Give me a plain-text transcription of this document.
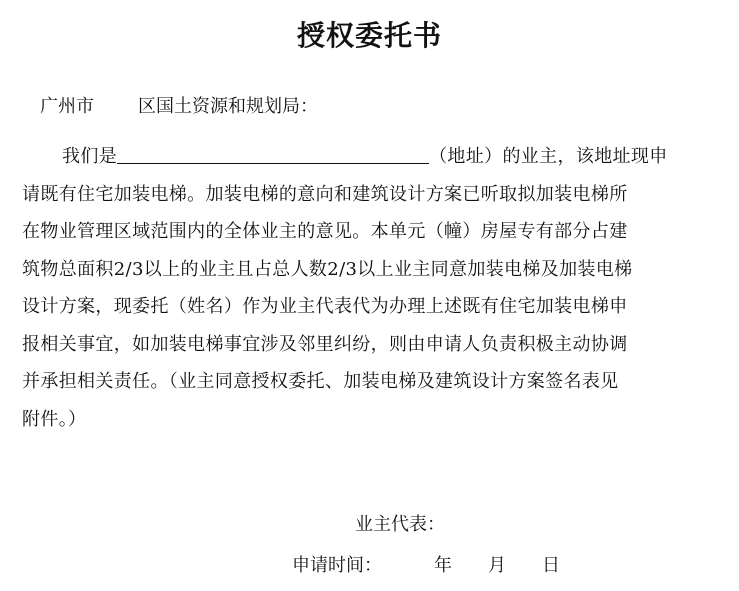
授权委托书
广州市 区国土资源和规划局：
我们是	（地址）的业主，该地址现申
请既有住宅加装电梯。加装电梯的意向和建筑设计方案已听取拟加装电梯所
在物业管理区域范围内的全体业主的意见。本单元（幢）房屋专有部分占建
筑物总面积2/3以上的业主且占总人数2/3以上业主同意加装电梯及加装电梯
设计方案，现委托（姓名）作为业主代表代为办理上述既有住宅加装电梯申
报相关事宜，如加装电梯事宜涉及邻里纠纷，则由申请人负责积极主动协调
并承担相关责任。（业主同意授权委托、加装电梯及建筑设计方案签名表见
附件。）
业主代表：
申请时间：	年 月 日
